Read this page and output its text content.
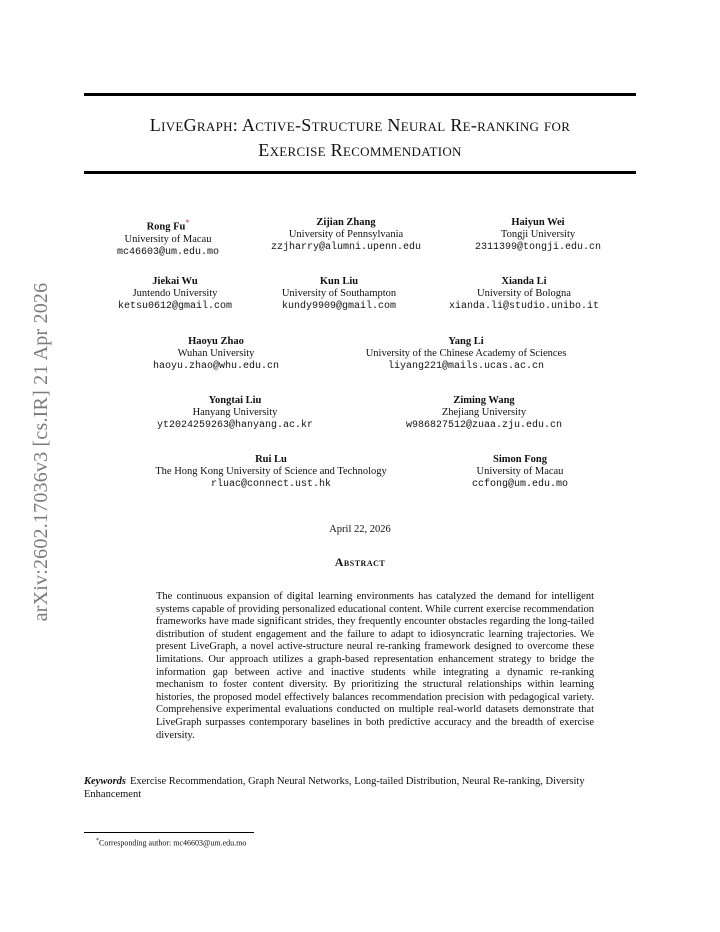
arXiv:2602.17036v3 [cs.IR] 21 Apr 2026
LiveGraph: Active-Structure Neural Re-ranking for
Exercise Recommendation
Rong Fu*
University of Macau
mc46603@um.edu.mo
Zijian Zhang
University of Pennsylvania
zzjharry@alumni.upenn.edu
Haiyun Wei
Tongji University
2311399@tongji.edu.cn
Jiekai Wu
Juntendo University
ketsu0612@gmail.com
Kun Liu
University of Southampton
kundy9909@gmail.com
Xianda Li
University of Bologna
xianda.li@studio.unibo.it
Haoyu Zhao
Wuhan University
haoyu.zhao@whu.edu.cn
Yang Li
University of the Chinese Academy of Sciences
liyang221@mails.ucas.ac.cn
Yongtai Liu
Hanyang University
yt2024259263@hanyang.ac.kr
Ziming Wang
Zhejiang University
w986827512@zuaa.zju.edu.cn
Rui Lu
The Hong Kong University of Science and Technology
rluac@connect.ust.hk
Simon Fong
University of Macau
ccfong@um.edu.mo
April 22, 2026
Abstract
The continuous expansion of digital learning environments has catalyzed the demand for intelligent systems capable of providing personalized educational content. While current exercise recommendation frameworks have made significant strides, they frequently encounter obstacles regarding the long-tailed distribution of student engagement and the failure to adapt to idiosyncratic learning trajectories. We present LiveGraph, a novel active-structure neural re-ranking framework designed to overcome these limitations. Our approach utilizes a graph-based representation enhancement strategy to bridge the information gap between active and inactive students while integrating a dynamic re-ranking mechanism to foster content diversity. By prioritizing the structural relationships within learning histories, the proposed model effectively balances recommendation precision with pedagogical variety. Comprehensive experimental evaluations conducted on multiple real-world datasets demonstrate that LiveGraph surpasses contemporary baselines in both predictive accuracy and the breadth of exercise diversity.
Keywords Exercise Recommendation, Graph Neural Networks, Long-tailed Distribution, Neural Re-ranking, Diversity Enhancement
*Corresponding author: mc46603@um.edu.mo
